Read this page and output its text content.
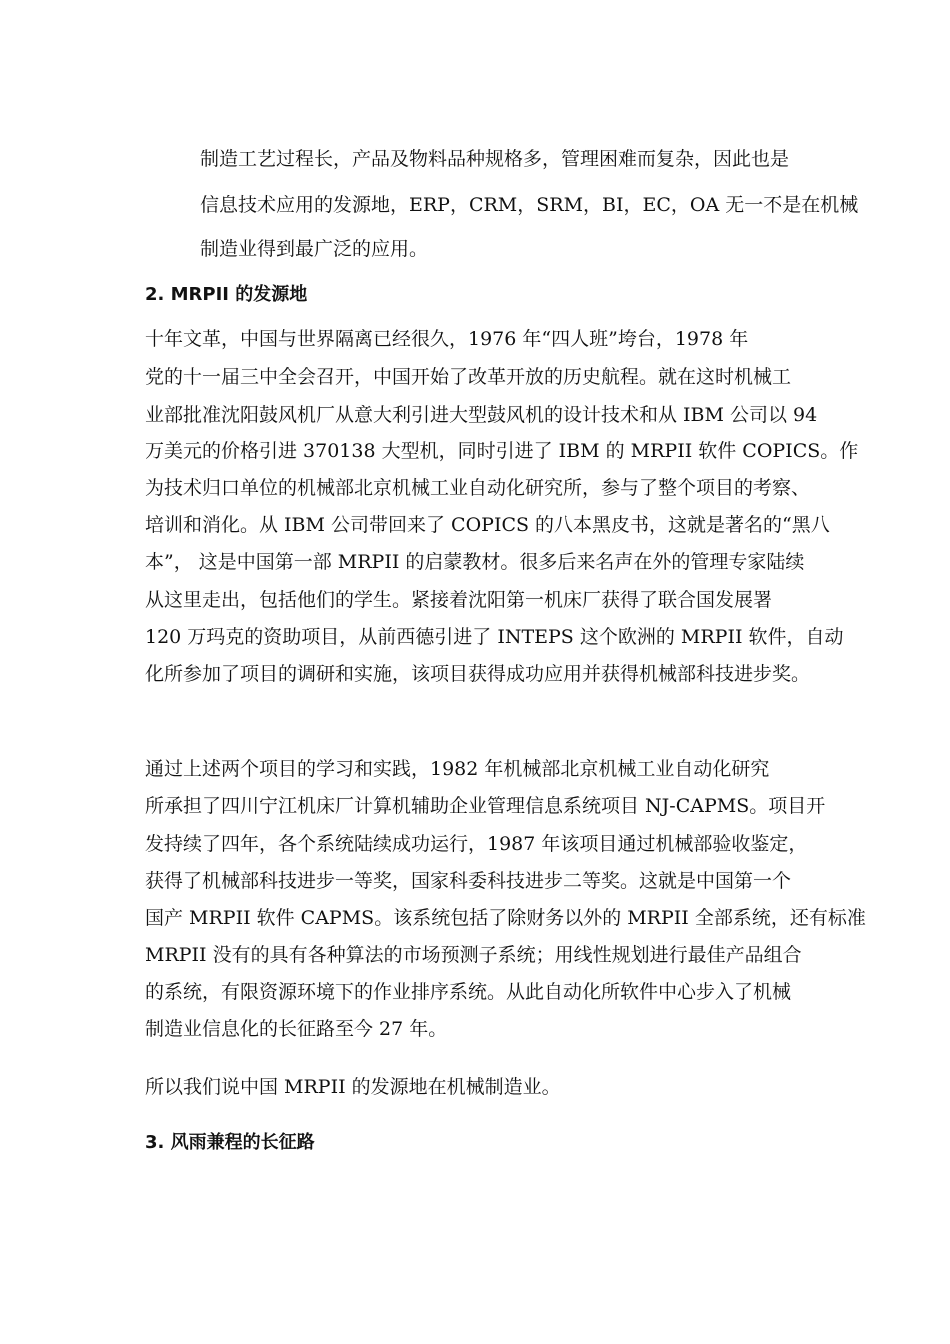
制造工艺过程长，产品及物料品种规格多，管理困难而复杂，因此也是
信息技术应用的发源地，ERP，CRM，SRM，BI，EC，OA 无一不是在机械
制造业得到最广泛的应用。
2. MRPII 的发源地
十年文革，中国与世界隔离已经很久，1976 年“四人班”垮台，1978 年
党的十一届三中全会召开，中国开始了改革开放的历史航程。就在这时机械工
业部批准沈阳鼓风机厂从意大利引进大型鼓风机的设计技术和从 IBM 公司以 94
万美元的价格引进 370138 大型机，同时引进了 IBM 的 MRPII 软件 COPICS。作
为技术归口单位的机械部北京机械工业自动化研究所，参与了整个项目的考察、
培训和消化。从 IBM 公司带回来了 COPICS 的八本黑皮书，这就是著名的“黑八
本”， 这是中国第一部 MRPII 的启蒙教材。很多后来名声在外的管理专家陆续
从这里走出，包括他们的学生。紧接着沈阳第一机床厂获得了联合国发展署
120 万玛克的资助项目，从前西德引进了 INTEPS 这个欧洲的 MRPII 软件，自动
化所参加了项目的调研和实施，该项目获得成功应用并获得机械部科技进步奖。
通过上述两个项目的学习和实践，1982 年机械部北京机械工业自动化研究
所承担了四川宁江机床厂计算机辅助企业管理信息系统项目 NJ-CAPMS。项目开
发持续了四年，各个系统陆续成功运行，1987 年该项目通过机械部验收鉴定，
获得了机械部科技进步一等奖，国家科委科技进步二等奖。这就是中国第一个
国产 MRPII 软件 CAPMS。该系统包括了除财务以外的 MRPII 全部系统，还有标准
MRPII 没有的具有各种算法的市场预测子系统；用线性规划进行最佳产品组合
的系统，有限资源环境下的作业排序系统。从此自动化所软件中心步入了机械
制造业信息化的长征路至今 27 年。
所以我们说中国 MRPII 的发源地在机械制造业。
3. 风雨兼程的长征路
